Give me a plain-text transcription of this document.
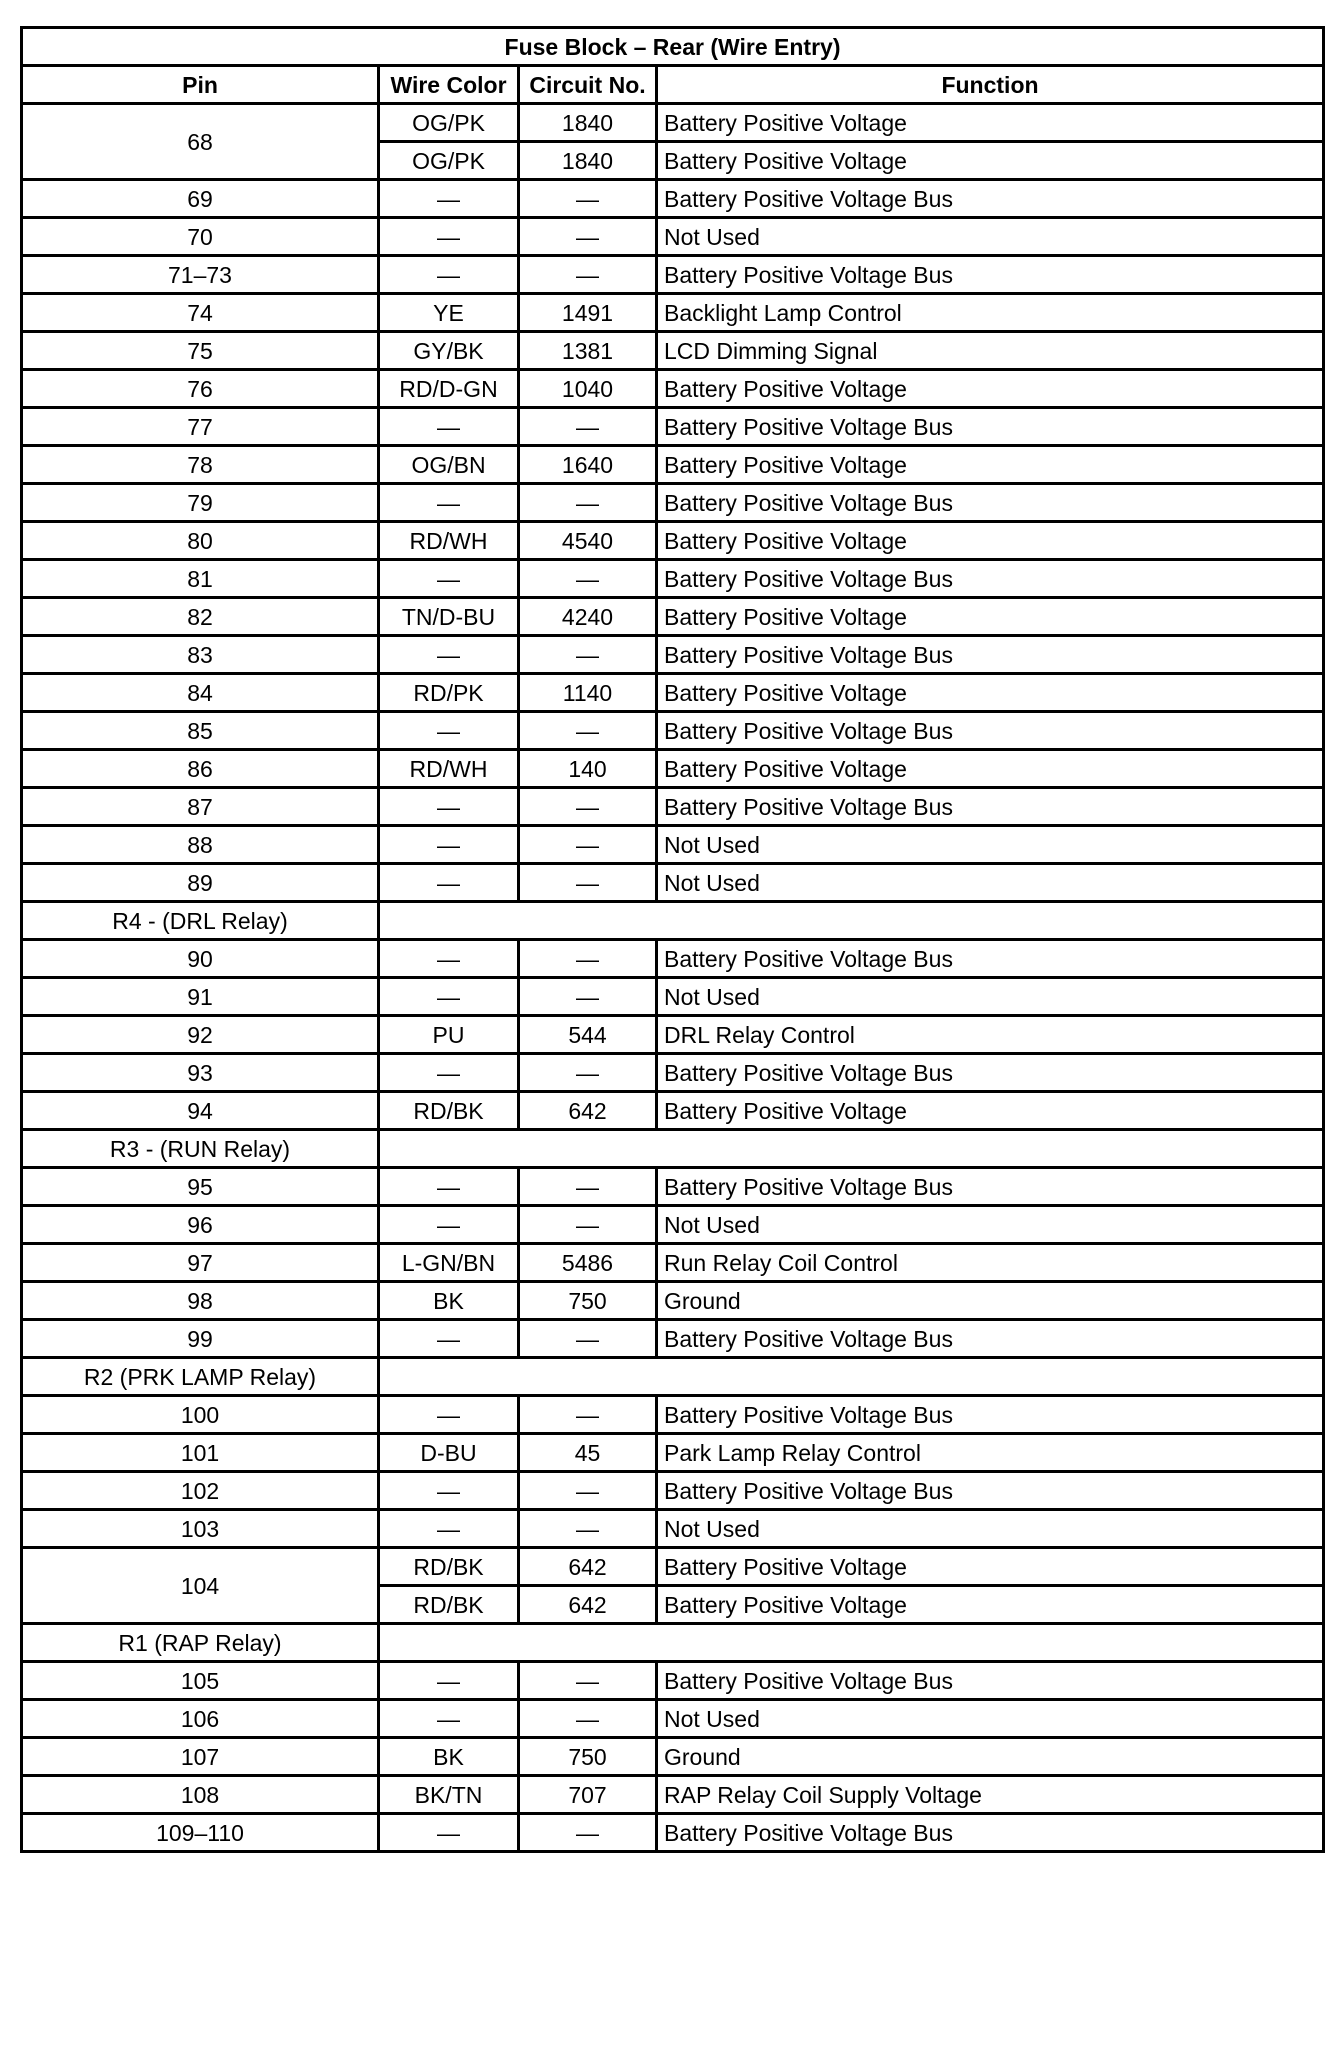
Fuse Block – Rear (Wire Entry)			
Pin	Wire Color	Circuit No.	Function
68	OG/PK	1840	Battery Positive Voltage
	OG/PK	1840	Battery Positive Voltage
69	—	—	Battery Positive Voltage Bus
70	—	—	Not Used
71–73	—	—	Battery Positive Voltage Bus
74	YE	1491	Backlight Lamp Control
75	GY/BK	1381	LCD Dimming Signal
76	RD/D-GN	1040	Battery Positive Voltage
77	—	—	Battery Positive Voltage Bus
78	OG/BN	1640	Battery Positive Voltage
79	—	—	Battery Positive Voltage Bus
80	RD/WH	4540	Battery Positive Voltage
81	—	—	Battery Positive Voltage Bus
82	TN/D-BU	4240	Battery Positive Voltage
83	—	—	Battery Positive Voltage Bus
84	RD/PK	1140	Battery Positive Voltage
85	—	—	Battery Positive Voltage Bus
86	RD/WH	140	Battery Positive Voltage
87	—	—	Battery Positive Voltage Bus
88	—	—	Not Used
89	—	—	Not Used
R4 - (DRL Relay)			
90	—	—	Battery Positive Voltage Bus
91	—	—	Not Used
92	PU	544	DRL Relay Control
93	—	—	Battery Positive Voltage Bus
94	RD/BK	642	Battery Positive Voltage
R3 - (RUN Relay)			
95	—	—	Battery Positive Voltage Bus
96	—	—	Not Used
97	L-GN/BN	5486	Run Relay Coil Control
98	BK	750	Ground
99	—	—	Battery Positive Voltage Bus
R2 (PRK LAMP Relay)			
100	—	—	Battery Positive Voltage Bus
101	D-BU	45	Park Lamp Relay Control
102	—	—	Battery Positive Voltage Bus
103	—	—	Not Used
104	RD/BK	642	Battery Positive Voltage
	RD/BK	642	Battery Positive Voltage
R1 (RAP Relay)			
105	—	—	Battery Positive Voltage Bus
106	—	—	Not Used
107	BK	750	Ground
108	BK/TN	707	RAP Relay Coil Supply Voltage
109–110	—	—	Battery Positive Voltage Bus
